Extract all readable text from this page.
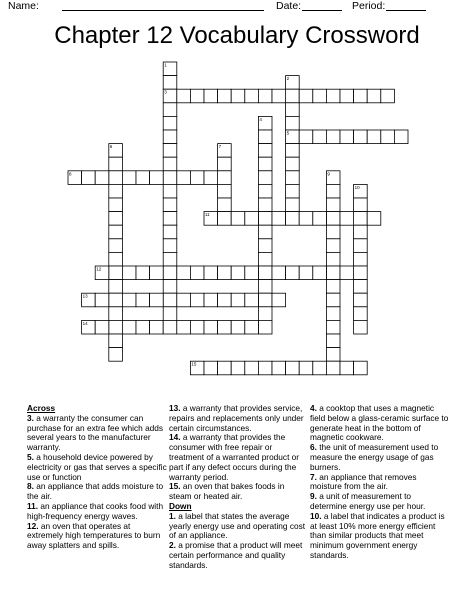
Name:	Date:	Period:
Chapter 12 Vocabulary Crossword
1
2
3
4
5
6	7
8	9
10
11
12
13
14
15
Across
3. a warranty the consumer can purchase for an extra fee which adds several years to the manufacturer warranty.
5. a household device powered by electricity or gas that serves a specific use or function
8. an appliance that adds moisture to the air.
11. an appliance that cooks food with high-frequency energy waves.
12. an oven that operates at extremely high temperatures to burn away splatters and spills.
13. a warranty that provides service, repairs and replacements only under certain circumstances.
14. a warranty that provides the consumer with free repair or treatment of a warranted product or part if any defect occurs during the warranty period.
15. an oven that bakes foods in steam or heated air.
Down
1. a label that states the average yearly energy use and operating cost of an appliance.
2. a promise that a product will meet certain performance and quality standards.
4. a cooktop that uses a magnetic field below a glass-ceramic surface to generate heat in the bottom of magnetic cookware.
6. the unit of measurement used to measure the energy usage of gas burners.
7. an appliance that removes moisture from the air.
9. a unit of measurement to determine energy use per hour.
10. a label that indicates a product is at least 10% more energy efficient than similar products that meet minimum government energy standards.
